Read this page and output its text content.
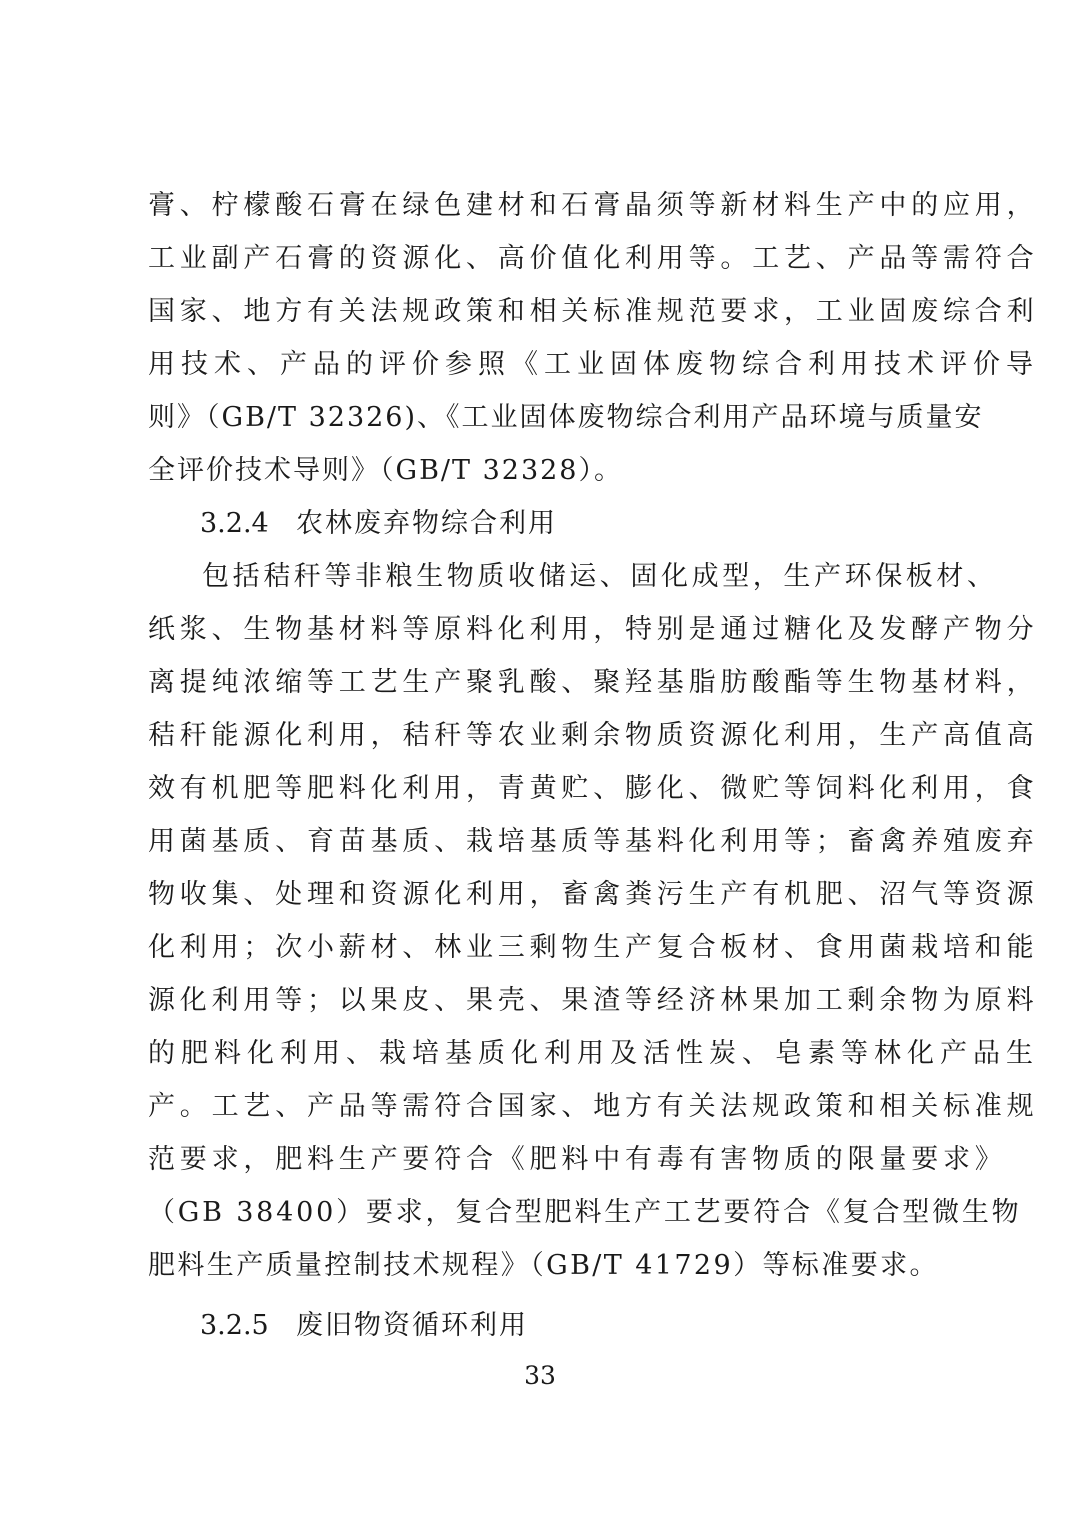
膏、柠檬酸石膏在绿色建材和石膏晶须等新材料生产中的应用，
工业副产石膏的资源化、高价值化利用等。工艺、产品等需符合
国家、地方有关法规政策和相关标准规范要求，工业固废综合利
用技术、产品的评价参照《工业固体废物综合利用技术评价导
则》（GB/T 32326)、《工业固体废物综合利用产品环境与质量安
全评价技术导则》（GB/T 32328）。
3.2.4 农林废弃物综合利用
包括秸秆等非粮生物质收储运、固化成型，生产环保板材、
纸浆、生物基材料等原料化利用，特别是通过糖化及发酵产物分
离提纯浓缩等工艺生产聚乳酸、聚羟基脂肪酸酯等生物基材料，
秸秆能源化利用，秸秆等农业剩余物质资源化利用，生产高值高
效有机肥等肥料化利用，青黄贮、膨化、微贮等饲料化利用，食
用菌基质、育苗基质、栽培基质等基料化利用等；畜禽养殖废弃
物收集、处理和资源化利用，畜禽粪污生产有机肥、沼气等资源
化利用；次小薪材、林业三剩物生产复合板材、食用菌栽培和能
源化利用等；以果皮、果壳、果渣等经济林果加工剩余物为原料
的肥料化利用、栽培基质化利用及活性炭、皂素等林化产品生
产。工艺、产品等需符合国家、地方有关法规政策和相关标准规
范要求，肥料生产要符合《肥料中有毒有害物质的限量要求》
（GB 38400）要求，复合型肥料生产工艺要符合《复合型微生物
肥料生产质量控制技术规程》（GB/T 41729）等标准要求。
3.2.5 废旧物资循环利用
33
